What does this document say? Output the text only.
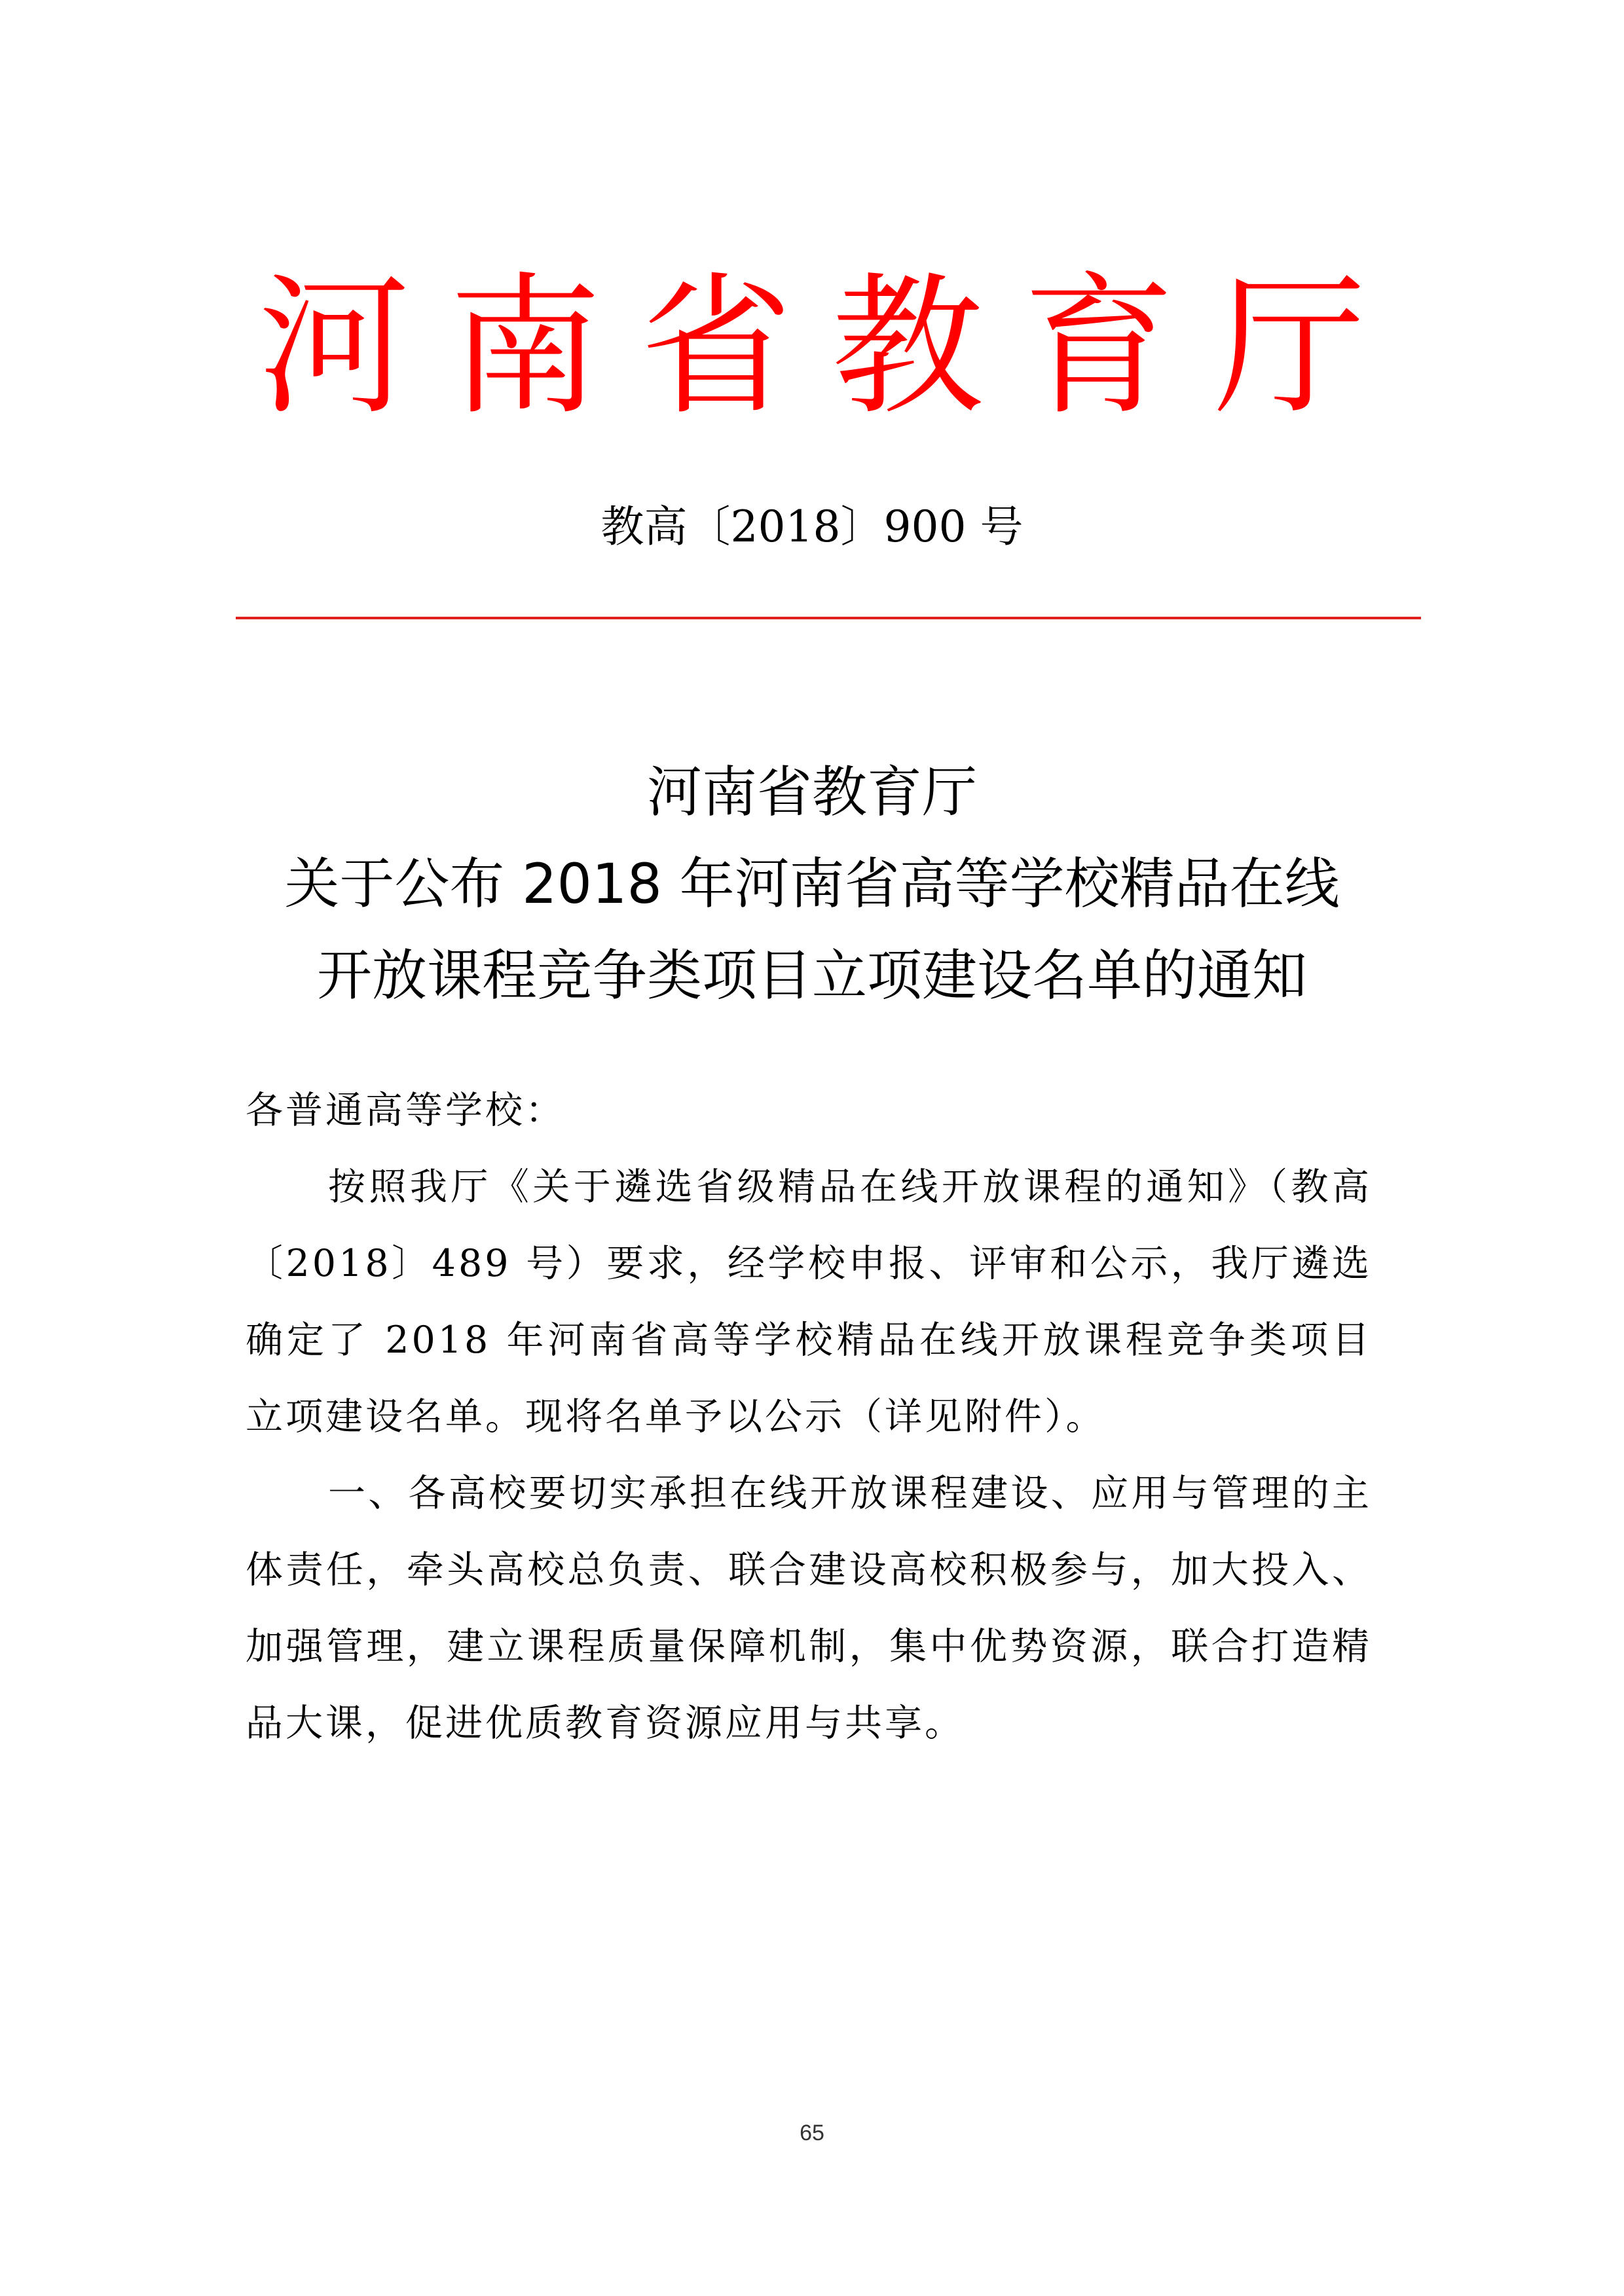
河南省教育厅
教高〔2018〕900 号
河南省教育厅
关于公布 2018 年河南省高等学校精品在线
开放课程竞争类项目立项建设名单的通知
各普通高等学校：
按照我厅《关于遴选省级精品在线开放课程的通知》（教高〔2018〕489 号）要求，经学校申报、评审和公示，我厅遴选确定了 2018 年河南省高等学校精品在线开放课程竞争类项目立项建设名单。现将名单予以公示（详见附件）。
一、各高校要切实承担在线开放课程建设、应用与管理的主体责任，牵头高校总负责、联合建设高校积极参与，加大投入、加强管理，建立课程质量保障机制，集中优势资源，联合打造精品大课，促进优质教育资源应用与共享。
65
